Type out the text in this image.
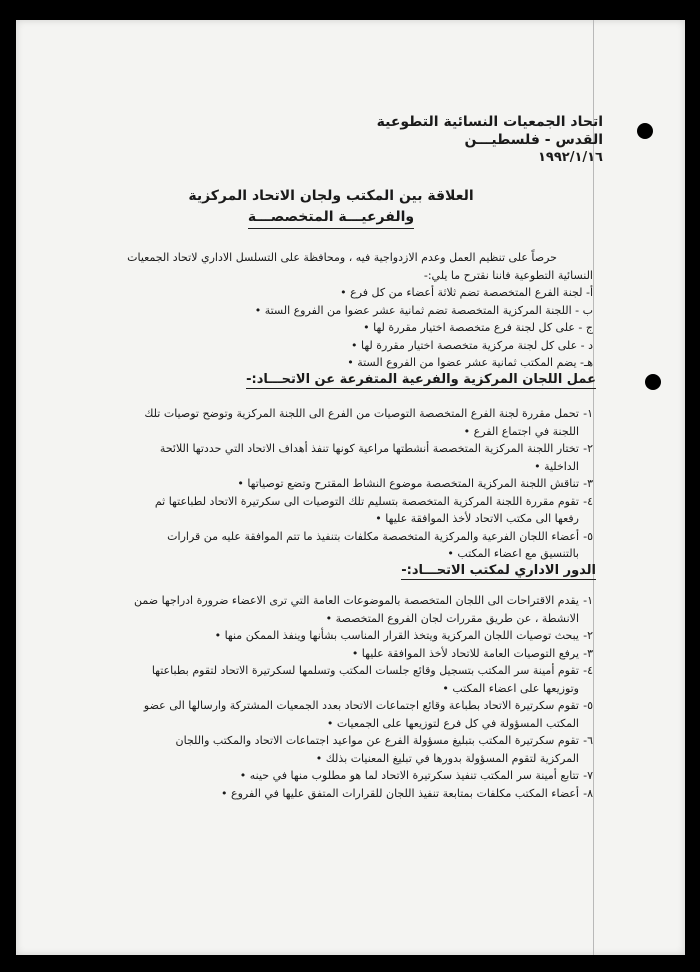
اتحاد الجمعيات النسائية التطوعية
القدس - فلسطيـــن
١٩٩٢/١/١٦
العلاقة بين المكتب ولجان الاتحاد المركزية
والفرعيـــة المتخصصـــة
حرصاً على تنظيم العمل وعدم الازدواجية فيه ، ومحافظة على التسلسل الاداري لاتحاد الجمعيات
النسائية التطوعية فاننا نقترح ما يلي:-
أ- لجنة الفرع المتخصصة تضم ثلاثة أعضاء من كل فرع •
ب - اللجنة المركزية المتخصصة تضم ثمانية عشر عضوا من الفروع الستة •
ج - على كل لجنة فرع متخصصة اختيار مقررة لها •
د - على كل لجنة مركزية متخصصة اختيار مقررة لها •
هـ- يضم المكتب ثمانية عشر عضوا من الفروع الستة •
عمل اللجان المركزية والفرعية المتفرعة عن الاتحـــاد:-
١-
تحمل مقررة لجنة الفرع المتخصصة التوصيات من الفرع الى اللجنة المركزية وتوضح توصيات تلك
اللجنة في اجتماع الفرع •
٢-
تختار اللجنة المركزية المتخصصة أنشطتها مراعية كونها تنفذ أهداف الاتحاد التي حددتها اللائحة
الداخلية •
٣-
تناقش اللجنة المركزية المتخصصة موضوع النشاط المقترح وتضع توصياتها •
٤-
تقوم مقررة اللجنة المركزية المتخصصة بتسليم تلك التوصيات الى سكرتيرة الاتحاد لطباعتها ثم
رفعها الى مكتب الاتحاد لأخذ الموافقة عليها •
٥-
أعضاء اللجان الفرعية والمركزية المتخصصة مكلفات بتنفيذ ما تتم الموافقة عليه من قرارات
بالتنسيق مع اعضاء المكتب •
الدور الاداري لمكتب الاتحـــاد:-
١-
يقدم الاقتراحات الى اللجان المتخصصة بالموضوعات العامة التي ترى الاعضاء ضرورة ادراجها ضمن
الانشطة ، عن طريق مقررات لجان الفروع المتخصصة •
٢-
يبحث توصيات اللجان المركزية ويتخذ القرار المناسب بشأنها وينفذ الممكن منها •
٣-
يرفع التوصيات العامة للاتحاد لأخذ الموافقة عليها •
٤-
تقوم أمينة سر المكتب بتسجيل وقائع جلسات المكتب وتسلمها لسكرتيرة الاتحاد لتقوم بطباعتها
وتوزيعها على اعضاء المكتب •
٥-
تقوم سكرتيرة الاتحاد بطباعة وقائع اجتماعات الاتحاد بعدد الجمعيات المشتركة وارسالها الى عضو
المكتب المسؤولة في كل فرع لتوزيعها على الجمعيات •
٦-
تقوم سكرتيرة المكتب بتبليغ مسؤولة الفرع عن مواعيد اجتماعات الاتحاد والمكتب واللجان
المركزية لتقوم المسؤولة بدورها في تبليغ المعنيات بذلك •
٧-
تتابع أمينة سر المكتب تنفيذ سكرتيرة الاتحاد لما هو مطلوب منها في حينه •
٨-
أعضاء المكتب مكلفات بمتابعة تنفيذ اللجان للقرارات المتفق عليها في الفروع •
